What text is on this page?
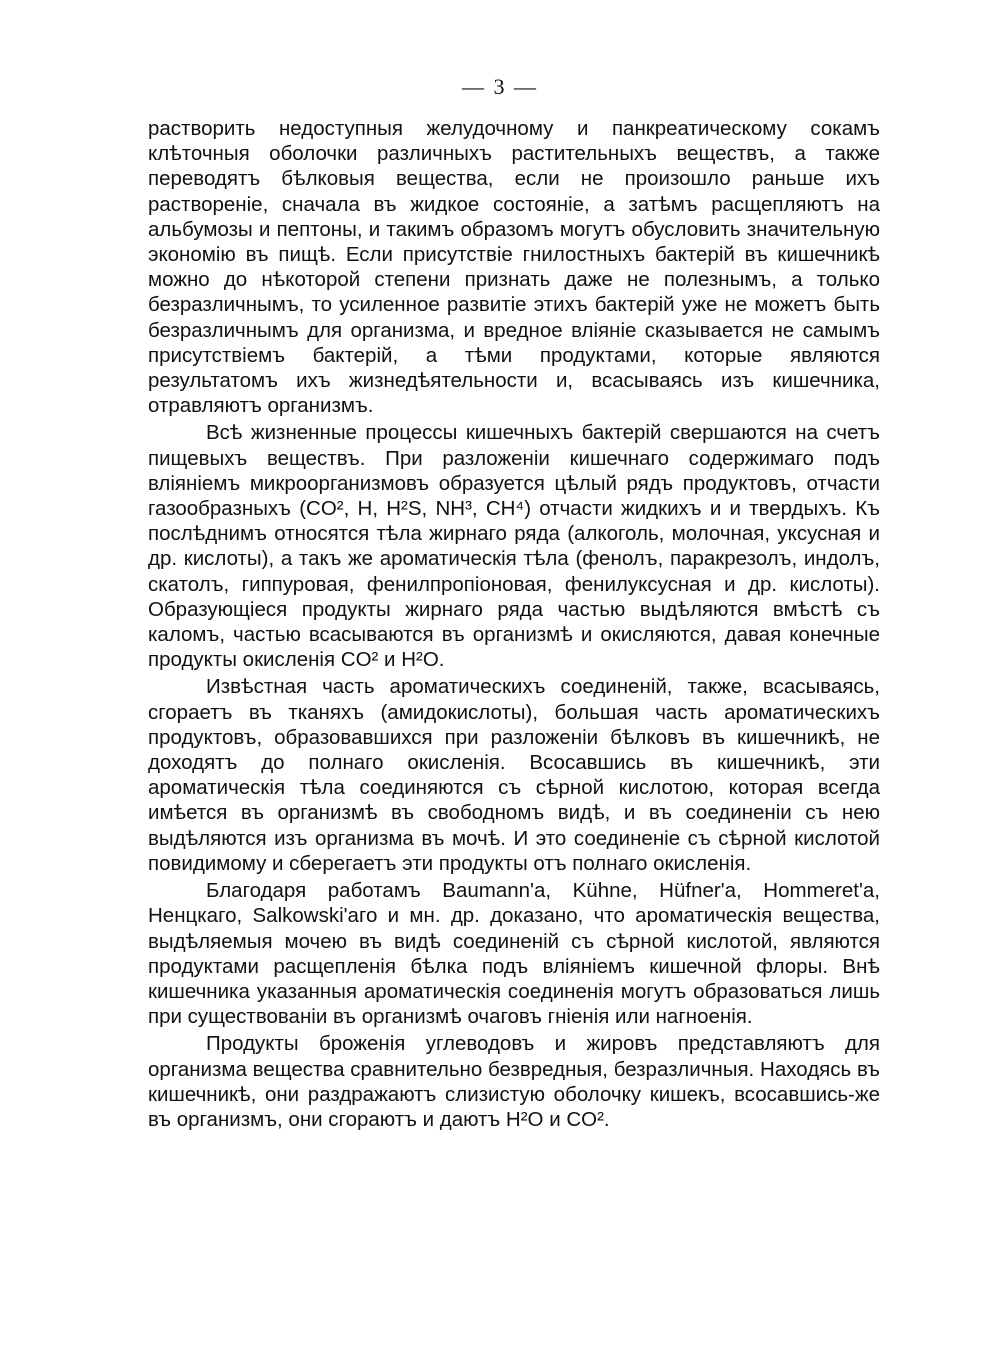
— 3 —

растворить недоступныя желудочному и панкреатическому сокамъ клѣточныя оболочки различныхъ растительныхъ веществъ, а также переводятъ бѣлковыя вещества, если не произошло раньше ихъ раствореніе, сначала въ жидкое состояніе, а затѣмъ расщепляютъ на альбумозы и пептоны, и такимъ образомъ могутъ обусловить значительную экономію въ пищѣ. Если присутствіе гнилостныхъ бактерій въ кишечникѣ можно до нѣкоторой степени признать даже не полезнымъ, а только безразличнымъ, то усиленное развитіе этихъ бактерій уже не можетъ быть безразличнымъ для организма, и вредное вліяніе сказывается не самымъ присутствіемъ бактерій, а тѣми продуктами, которые являются результатомъ ихъ жизнедѣятельности и, всасываясь изъ кишечника, отравляютъ организмъ.

Всѣ жизненные процессы кишечныхъ бактерій свершаются на счетъ пищевыхъ веществъ. При разложеніи кишечнаго содержимаго подъ вліяніемъ микроорганизмовъ образуется цѣлый рядъ продуктовъ, отчасти газообразныхъ (CO², H, H²S, NH³, CH⁴) отчасти жидкихъ и и твердыхъ. Къ послѣднимъ относятся тѣла жирнаго ряда (алкоголь, молочная, уксусная и др. кислоты), а такъ же ароматическія тѣла (фенолъ, паракрезолъ, индолъ, скатолъ, гиппуровая, фенилпропіоновая, фенилуксусная и др. кислоты). Образующіеся продукты жирнаго ряда частью выдѣляются вмѣстѣ съ каломъ, частью всасываются въ организмѣ и окисляются, давая конечные продукты окисленія CO² и H²O.

Извѣстная часть ароматическихъ соединеній, также, всасываясь, сгораетъ въ тканяхъ (амидокислоты), большая часть ароматическихъ продуктовъ, образовавшихся при разложеніи бѣлковъ въ кишечникѣ, не доходятъ до полнаго окисленія. Всосавшись въ кишечникѣ, эти ароматическія тѣла соединяются съ сѣрной кислотою, которая всегда имѣется въ организмѣ въ свободномъ видѣ, и въ соединеніи съ нею выдѣляются изъ организма въ мочѣ. И это соединеніе съ сѣрной кислотой повидимому и сберегаетъ эти продукты отъ полнаго окисленія.

Благодаря работамъ Baumann'a, Kühne, Hüfner'a, Hommeret'a, Ненцкаго, Salkowski'аго и мн. др. доказано, что ароматическія вещества, выдѣляемыя мочею въ видѣ соединеній съ сѣрной кислотой, являются продуктами расщепленія бѣлка подъ вліяніемъ кишечной флоры. Внѣ кишечника указанныя ароматическія соединенія могутъ образоваться лишь при существованіи въ организмѣ очаговъ гніенія или нагноенія.

Продукты броженія углеводовъ и жировъ представляютъ для организма вещества сравнительно безвредныя, безразличныя. Находясь въ кишечникѣ, они раздражаютъ слизистую оболочку кишекъ, всосавшись-же въ организмъ, они сгораютъ и даютъ H²O и CO².
